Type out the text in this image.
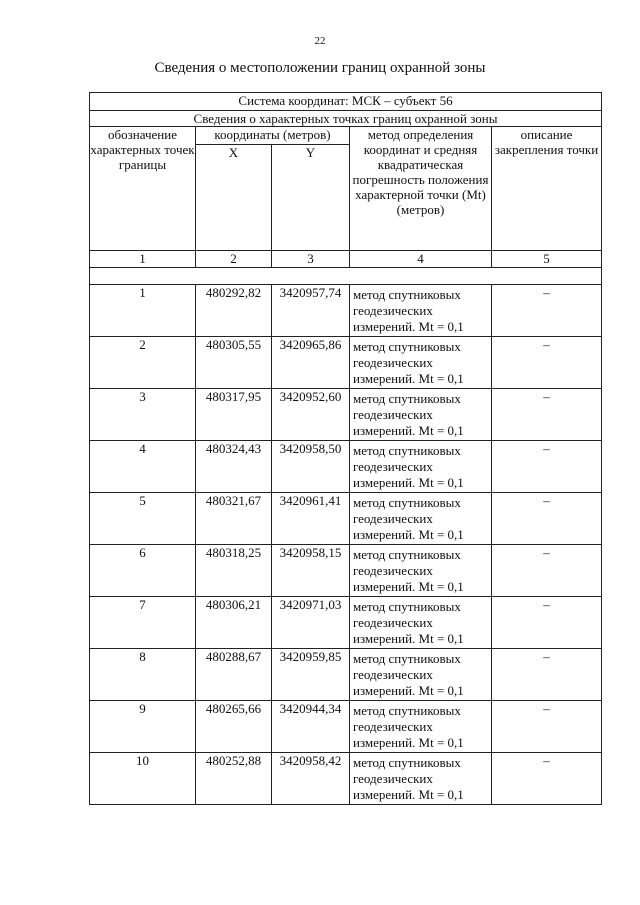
22
Сведения о местоположении границ охранной зоны
Система координат: МСК – субъект 56				
Сведения о характерных точках границ охранной зоны				
обозначение характерных точек границы	координаты (метров)		метод определения координат и средняя квадратическая погрешность положения характерной точки (Mt) (метров)	описание закрепления точки
	X	Y		
1	2	3	4	5

1	480292,82	3420957,74	метод спутниковых геодезических измерений. Mt = 0,1	–
2	480305,55	3420965,86	метод спутниковых геодезических измерений. Mt = 0,1	–
3	480317,95	3420952,60	метод спутниковых геодезических измерений. Mt = 0,1	–
4	480324,43	3420958,50	метод спутниковых геодезических измерений. Mt = 0,1	–
5	480321,67	3420961,41	метод спутниковых геодезических измерений. Mt = 0,1	–
6	480318,25	3420958,15	метод спутниковых геодезических измерений. Mt = 0,1	–
7	480306,21	3420971,03	метод спутниковых геодезических измерений. Mt = 0,1	–
8	480288,67	3420959,85	метод спутниковых геодезических измерений. Mt = 0,1	–
9	480265,66	3420944,34	метод спутниковых геодезических измерений. Mt = 0,1	–
10	480252,88	3420958,42	метод спутниковых геодезических измерений. Mt = 0,1	–
